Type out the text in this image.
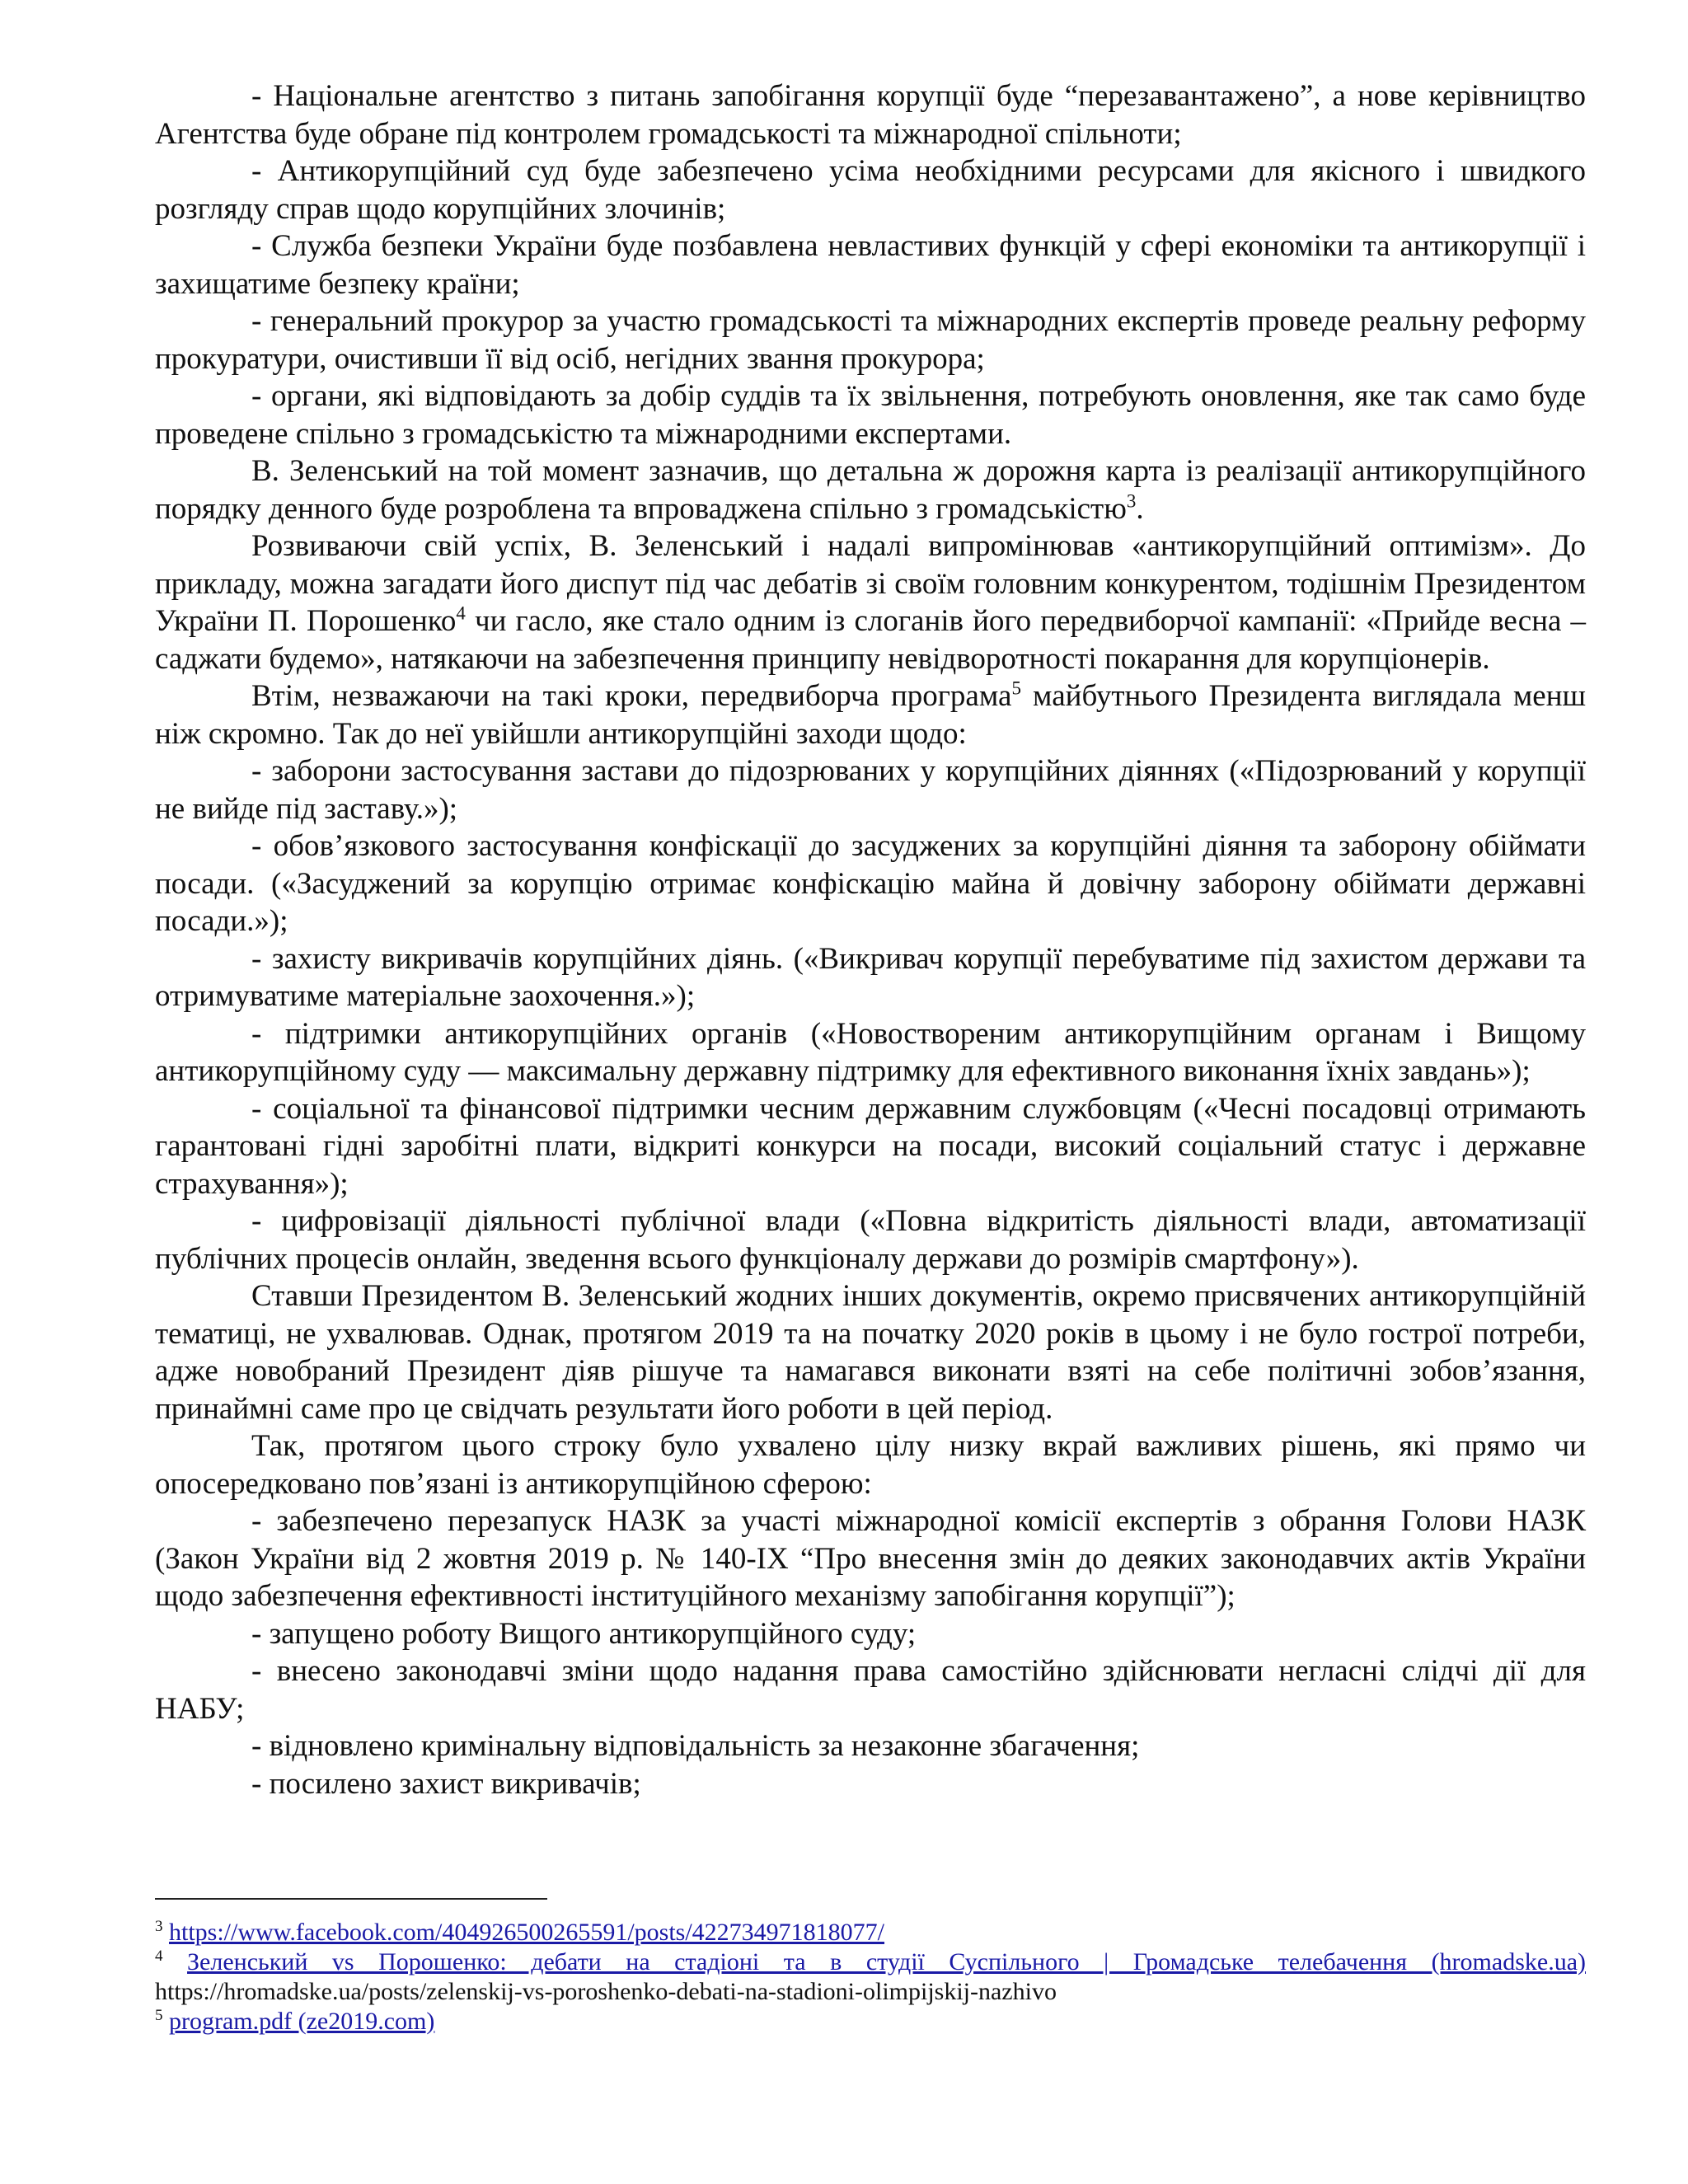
- Національне агентство з питань запобігання корупції буде “перезавантажено”, а нове керівництво Агентства буде обране під контролем громадськості та міжнародної спільноти;

- Антикорупційний суд буде забезпечено усіма необхідними ресурсами для якісного і швидкого розгляду справ щодо корупційних злочинів;

- Служба безпеки України буде позбавлена невластивих функцій у сфері економіки та антикорупції і захищатиме безпеку країни;

- генеральний прокурор за участю громадськості та міжнародних експертів проведе реальну реформу прокуратури, очистивши її від осіб, негідних звання прокурора;

- органи, які відповідають за добір суддів та їх звільнення, потребують оновлення, яке так само буде проведене спільно з громадськістю та міжнародними експертами.

В. Зеленський на той момент зазначив, що детальна ж дорожня карта із реалізації антикорупційного порядку денного буде розроблена та впроваджена спільно з громадськістю$^3$.

Розвиваючи свій успіх, В. Зеленський і надалі випромінював «антикорупційний оптимізм». До прикладу, можна загадати його диспут під час дебатів зі своїм головним конкурентом, тодішнім Президентом України П. Порошенко$^4$ чи гасло, яке стало одним із слоганів його передвиборчої кампанії: «Прийде весна – саджати будемо», натякаючи на забезпечення принципу невідворотності покарання для корупціонерів.

Втім, незважаючи на такі кроки, передвиборча програма$^5$ майбутнього Президента виглядала менш ніж скромно. Так до неї увійшли антикорупційні заходи щодо:

- заборони застосування застави до підозрюваних у корупційних діяннях («Підозрюваний у корупції не вийде під заставу.»);

- обов’язкового застосування конфіскації до засуджених за корупційні діяння та заборону обіймати посади. («Засуджений за корупцію отримає конфіскацію майна й довічну заборону обіймати державні посади.»);

- захисту викривачів корупційних діянь. («Викривач корупції перебуватиме під захистом держави та отримуватиме матеріальне заохочення.»);

- підтримки антикорупційних органів («Новоствореним антикорупційним органам і Вищому антикорупційному суду — максимальну державну підтримку для ефективного виконання їхніх завдань»);

- соціальної та фінансової підтримки чесним державним службовцям («Чесні посадовці отримають гарантовані гідні заробітні плати, відкриті конкурси на посади, високий соціальний статус і державне страхування»);

- цифровізації діяльності публічної влади («Повна відкритість діяльності влади, автоматизації публічних процесів онлайн, зведення всього функціоналу держави до розмірів смартфону»).

Ставши Президентом В. Зеленський жодних інших документів, окремо присвячених антикорупційній тематиці, не ухвалював. Однак, протягом 2019 та на початку 2020 років в цьому і не було гострої потреби, адже новобраний Президент діяв рішуче та намагався виконати взяті на себе політичні зобов’язання, принаймні саме про це свідчать результати його роботи в цей період.

Так, протягом цього строку було ухвалено цілу низку вкрай важливих рішень, які прямо чи опосередковано пов’язані із антикорупційною сферою:

- забезпечено перезапуск НАЗК за участі міжнародної комісії експертів з обрання Голови НАЗК (Закон України від 2 жовтня 2019 р. № 140-IX “Про внесення змін до деяких законодавчих актів України щодо забезпечення ефективності інституційного механізму запобігання корупції”);

- запущено роботу Вищого антикорупційного суду;

- внесено законодавчі зміни щодо надання права самостійно здійснювати негласні слідчі дії для НАБУ;

- відновлено кримінальну відповідальність за незаконне збагачення;

- посилено захист викривачів;

$^3$ https://www.facebook.com/404926500265591/posts/422734971818077/

$^4$ Зеленський vs Порошенко: дебати на стадіоні та в студії Суспільного | Громадське телебачення (hromadske.ua) https://hromadske.ua/posts/zelenskij-vs-poroshenko-debati-na-stadioni-olimpijskij-nazhivo

$^5$ program.pdf (ze2019.com)
